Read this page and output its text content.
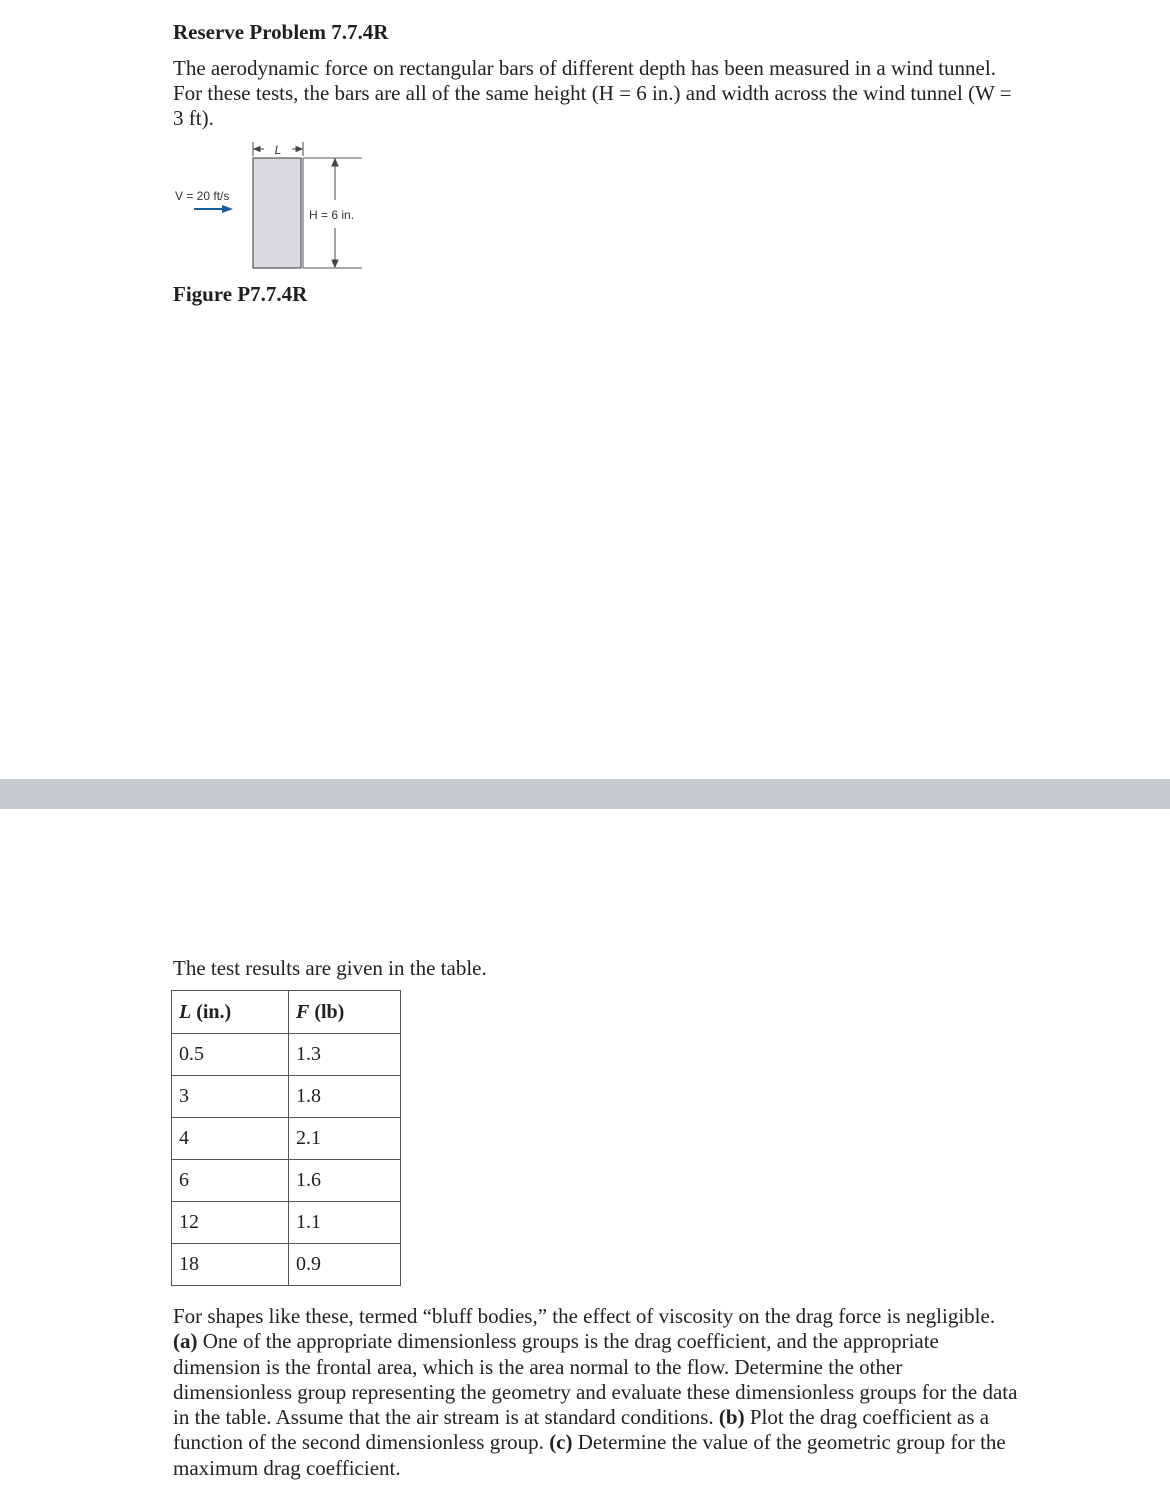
Reserve Problem 7.7.4R

The aerodynamic force on rectangular bars of different depth has been measured in a wind tunnel. For these tests, the bars are all of the same height (H = 6 in.) and width across the wind tunnel (W = 3 ft).

L
H = 6 in.
V = 20 ft/s
Figure P7.7.4R

The test results are given in the table.

L (in.)	F (lb)
0.5	1.3
3	1.8
4	2.1
6	1.6
12	1.1
18	0.9

For shapes like these, termed “bluff bodies,” the effect of viscosity on the drag force is negligible. (a) One of the appropriate dimensionless groups is the drag coefficient, and the appropriate dimension is the frontal area, which is the area normal to the flow. Determine the other dimensionless group representing the geometry and evaluate these dimensionless groups for the data in the table. Assume that the air stream is at standard conditions. (b) Plot the drag coefficient as a function of the second dimensionless group. (c) Determine the value of the geometric group for the maximum drag coefficient.
